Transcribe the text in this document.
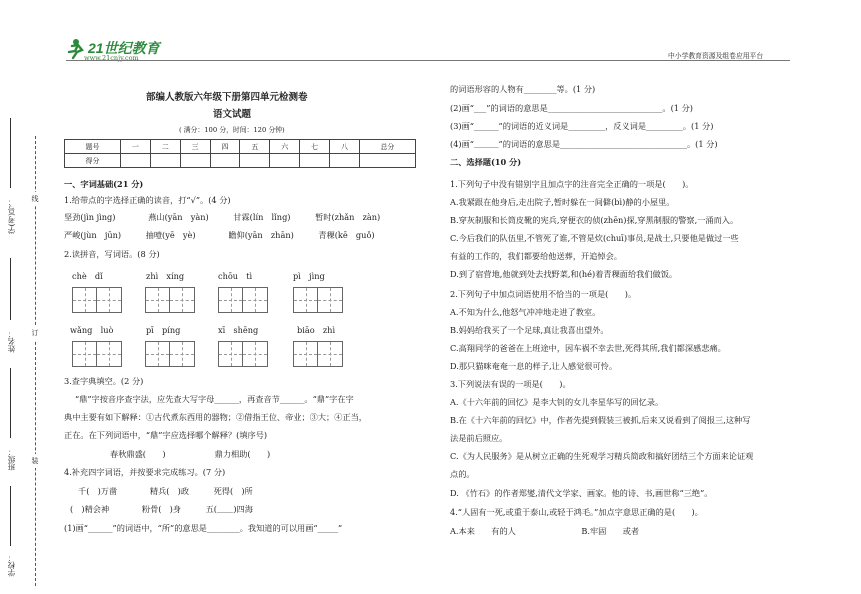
21世纪教育
www.21cnjy.com	中小学教育资源及组卷应用平台
线
订
装
学(考)号：
姓名：
班级：
学校：
部编人教版六年级下册第四单元检测卷
语文试题
( 满分：100 分，时间：120 分钟)
题号	一	二	三	四	五	六	七	八	总分
得分									
一、字词基础(21 分)
1.给带点的字选择正确的读音，打“√”。(4 分)
坚劲(jìn jìng)　　　　燕山(yān　yàn)　　　甘霖(lín　lǐng)　　　暂时(zhǎn　zàn)
严峻(jùn　jūn)　　　抽噎(yē　yè)　　　　瞻仰(yān　zhān)　　　青稞(kē　guǒ)
2.读拼音，写词语。(8 分)
chè　dǐ	zhì　xíng	chōu　tì	pì　jìng
wǎng　luò	pī　píng	xī　shēng	biāo　zhì
3.查字典填空。(2 分)
“鼎”字按音序查字法，应先查大写字母______，再查音节______。“鼎”字在字
典中主要有如下解释：①古代煮东西用的器物；②借指王位、帝业；③大；④正当，
正在。在下列词语中，“鼎”字应选择哪个解释？(填序号)
春秋鼎盛(　　)　　　　　　鼎力相助(　　)
4.补充四字词语，并按要求完成练习。(7 分)
千(　)万凿　　　　精兵(　)政　　　死得(　)所
(　)精会神　　　　粉骨(　)身　　　五(＿＿)四海
(1)画“______”的词语中，“所”的意思是________。我知道的可以用画“_____”
的词语形容的人物有________等。(1 分)
(2)画“___”的词语的意思是____________________________。(1 分)
(3)画“______”的词语的近义词是_________，反义词是_________。(1 分)
(4)画“＿＿＿”的词语的意思是_______________________________。(1 分)
二、选择题(10 分)
1.下列句子中没有错别字且加点字的注音完全正确的一项是(　　)。
A.我紧跟在他身后,走出院子,暂时躲在一间僻(bì)静的小屋里。
B.穿灰制服和长筒皮靴的宪兵,穿便衣的侦(zhēn)探,穿黑制服的警察,一涌而入。
C.今后我们的队伍里,不管死了谁,不管是炊(chuī)事员,是战士,只要他是做过一些
有益的工作的，我们都要给他送葬，开追悼会。
D.到了宿营地,他就到处去找野菜,和(hé)着青稞面给我们做饭。
2.下列句子中加点词语使用不恰当的一项是(　　)。
A.不知为什么,他怒气冲冲地走进了教室。
B.妈妈给我买了一个足球,真让我喜出望外。
C.高翔同学的爸爸在上班途中，因车祸不幸去世,死得其所,我们都深感悲痛。
D.那只猫咪奄奄一息的样子,让人感觉很可怜。
3.下列说法有误的一项是(　　)。
A.《十六年前的回忆》是李大钊的女儿李星华写的回忆录。
B.在《十六年前的回忆》中，作者先提到假装三被抓,后来又说看到了阅报三,这种写
法是前后照应。
C.《为人民服务》是从树立正确的生死观学习精兵简政和搞好团结三个方面来论证观
点的。
D. 《竹石》的作者郑燮,清代文学家、画家。他的诗、书,画世称“三绝”。
4.“人固有一死,或重于泰山,或轻于鸿毛。”加点字意思正确的是(　　)。
A.本来　　有的人　　　　　　　　B.牢固　　或者
